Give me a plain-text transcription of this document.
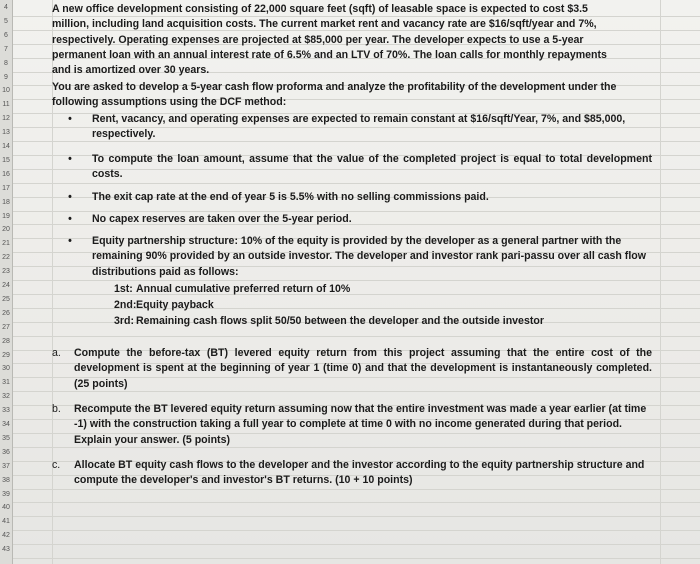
4
5
6
7
8
9
10
11
12
13
14
15
16
17
18
19
20
21
22
23
24
25
26
27
28
29
30
31
32
33
34
35
36
37
38
39
40
41
42
43
A new office development consisting of 22,000 square feet (sqft) of leasable space is expected to cost $3.5 million, including land acquisition costs. The current market rent and vacancy rate are $16/sqft/year and 7%, respectively. Operating expenses are projected at $85,000 per year. The developer expects to use a 5-year permanent loan with an annual interest rate of 6.5% and an LTV of 70%. The loan calls for monthly repayments and is amortized over 30 years.
You are asked to develop a 5-year cash flow proforma and analyze the profitability of the development under the following assumptions using the DCF method:
• Rent, vacancy, and operating expenses are expected to remain constant at $16/sqft/Year, 7%, and $85,000, respectively.
• To compute the loan amount, assume that the value of the completed project is equal to total development costs.
• The exit cap rate at the end of year 5 is 5.5% with no selling commissions paid.
• No capex reserves are taken over the 5-year period.
• Equity partnership structure: 10% of the equity is provided by the developer as a general partner with the remaining 90% provided by an outside investor. The developer and investor rank pari-passu over all cash flow distributions paid as follows:
1st: Annual cumulative preferred return of 10%
2nd:Equity payback
3rd: Remaining cash flows split 50/50 between the developer and the outside investor
a.	Compute the before-tax (BT) levered equity return from this project assuming that the entire cost of the development is spent at the beginning of year 1 (time 0) and that the development is instantaneously completed. (25 points)
b.	Recompute the BT levered equity return assuming now that the entire investment was made a year earlier (at time -1) with the construction taking a full year to complete at time 0 with no income generated during that period. Explain your answer. (5 points)
c.	Allocate BT equity cash flows to the developer and the investor according to the equity partnership structure and compute the developer's and investor's BT returns. (10 + 10 points)
